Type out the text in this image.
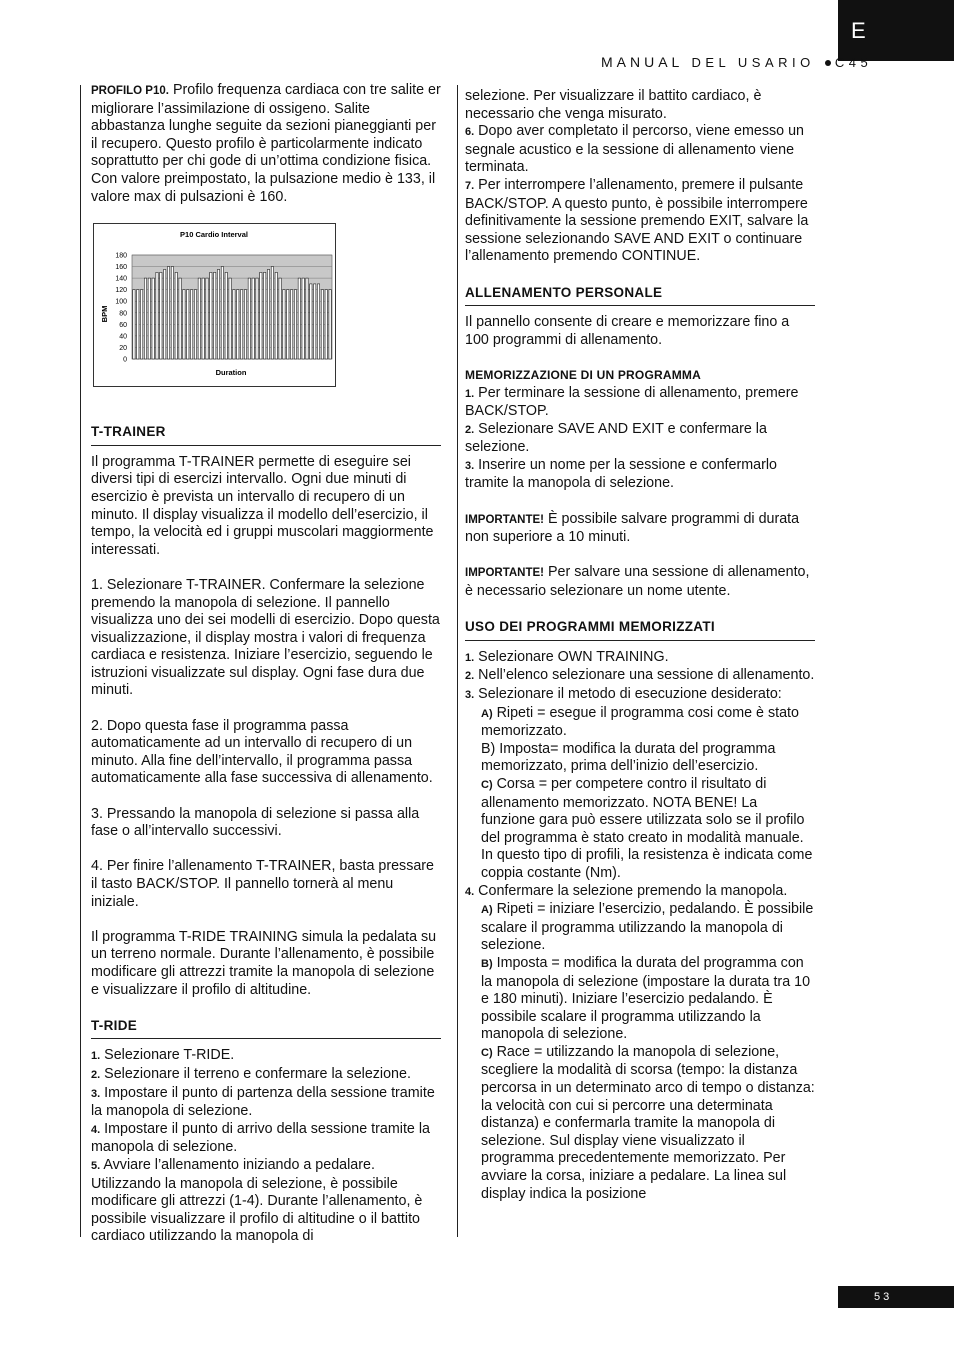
E
MANUAL DEL USARIO C45

PROFILO P10. Profilo frequenza cardiaca con tre salite er migliorare l’assimilazione di ossigeno. Salite abbastanza lunghe seguite da sezioni pianeggianti per il recupero. Questo profilo è particolarmente indicato soprattutto per chi gode di un’ottima condizione fisica. Con valore preimpostato, la pulsazione medio è 133, il valore max di pulsazioni è 160.

P10 Cardio Interval
BPM
Duration
0
20
40
60
80
100
120
140
160
180
T-TRAINER

Il programma T-TRAINER permette di eseguire sei diversi tipi di esercizi intervallo. Ogni due minuti di esercizio è prevista un intervallo di recupero di un minuto. Il display visualizza il modello dell’esercizio, il tempo, la velocità ed i gruppi muscolari maggiormente interessati.

1. Selezionare T-TRAINER. Confermare la selezione premendo la manopola di selezione. Il pannello visualizza uno dei sei modelli di esercizio. Dopo questa visualizzazione, il display mostra i valori di frequenza cardiaca e resistenza. Iniziare l’esercizio, seguendo le istruzioni visualizzate sul display. Ogni fase dura due minuti.

2. Dopo questa fase il programma passa automaticamente ad un intervallo di recupero di un minuto. Alla fine dell’intervallo, il programma passa automaticamente alla fase successiva di allenamento.

3. Pressando la manopola di selezione si passa alla fase o all’intervallo successivi.

4. Per finire l’allenamento T-TRAINER, basta pressare il tasto BACK/STOP. Il pannello tornerà al menu iniziale.

Il programma T-RIDE TRAINING simula la pedalata su un terreno normale. Durante l’allenamento, è possibile modificare gli attrezzi tramite la manopola di selezione e visualizzare il profilo di altitudine.

T-RIDE

1. Selezionare T-RIDE.

2. Selezionare il terreno e confermare la selezione.

3. Impostare il punto di partenza della sessione tramite la manopola di selezione.

4. Impostare il punto di arrivo della sessione tramite la manopola di selezione.

5. Avviare l’allenamento iniziando a pedalare. Utilizzando la manopola di selezione, è possibile modificare gli attrezzi (1-4). Durante l’allenamento, è possibile visualizzare il profilo di altitudine o il battito cardiaco utilizzando la manopola di

selezione. Per visualizzare il battito cardiaco, è necessario che venga misurato.

6. Dopo aver completato il percorso, viene emesso un segnale acustico e la sessione di allenamento viene terminata.

7. Per interrompere l’allenamento, premere il pulsante BACK/STOP. A questo punto, è possibile interrompere definitivamente la sessione premendo EXIT, salvare la sessione selezionando SAVE AND EXIT o continuare l’allenamento premendo CONTINUE.

ALLENAMENTO PERSONALE

Il pannello consente di creare e memorizzare fino a 100 programmi di allenamento.

MEMORIZZAZIONE DI UN PROGRAMMA

1. Per terminare la sessione di allenamento, premere BACK/STOP.

2. Selezionare SAVE AND EXIT e confermare la selezione.

3. Inserire un nome per la sessione e confermarlo tramite la manopola di selezione.

IMPORTANTE! È possibile salvare programmi di durata non superiore a 10 minuti.

IMPORTANTE! Per salvare una sessione di allenamento, è necessario selezionare un nome utente.

USO DEI PROGRAMMI MEMORIZZATI

1. Selezionare OWN TRAINING.

2. Nell’elenco selezionare una sessione di allenamento.

3. Selezionare il metodo di esecuzione desiderato:

A) Ripeti = esegue il programma cosi come è stato memorizzato.

B) Imposta= modifica la durata del programma memorizzato, prima dell’inizio dell’esercizio.

C) Corsa = per competere contro il risultato di allenamento memorizzato. NOTA BENE! La funzione gara può essere utilizzata solo se il profilo del programma è stato creato in modalità manuale. In questo tipo di profili, la resistenza è indicata come coppia costante (Nm).

4. Confermare la selezione premendo la manopola.

A) Ripeti = iniziare l’esercizio, pedalando. È possibile scalare il programma utilizzando la manopola di selezione.

B) Imposta = modifica la durata del programma con la manopola di selezione (impostare la durata tra 10 e 180 minuti). Iniziare l’esercizio pedalando. È possibile scalare il programma utilizzando la manopola di selezione.

C) Race = utilizzando la manopola di selezione, scegliere la modalità di scorsa (tempo: la distanza percorsa in un determinato arco di tempo o distanza: la velocità con cui si percorre una determinata distanza) e confermarla tramite la manopola di selezione. Sul display viene visualizzato il programma precedentemente memorizzato. Per avviare la corsa, iniziare a pedalare. La linea sul display indica la posizione

53
